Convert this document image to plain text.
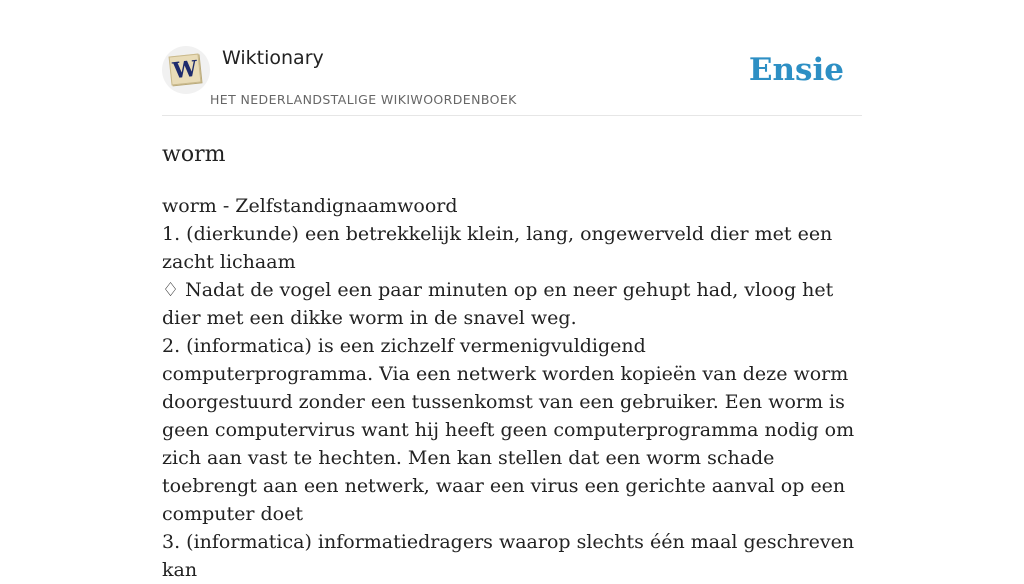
W Wiktionary
HET NEDERLANDSTALIGE WIKIWOORDENBOEK
Ensie
worm

worm - Zelfstandignaamwoord

1. (dierkunde) een betrekkelijk klein, lang, ongewerveld dier met een zacht lichaam

♢ Nadat de vogel een paar minuten op en neer gehupt had, vloog het dier met een dikke worm in de snavel weg.

2. (informatica) is een zichzelf vermenigvuldigend computerprogramma. Via een netwerk worden kopieën van deze worm doorgestuurd zonder een tussenkomst van een gebruiker. Een worm is geen computervirus want hij heeft geen computerprogramma nodig om zich aan vast te hechten. Men kan stellen dat een worm schade toebrengt aan een netwerk, waar een virus een gerichte aanval op een computer doet

3. (informatica) informatiedragers waarop slechts één maal geschreven kan
